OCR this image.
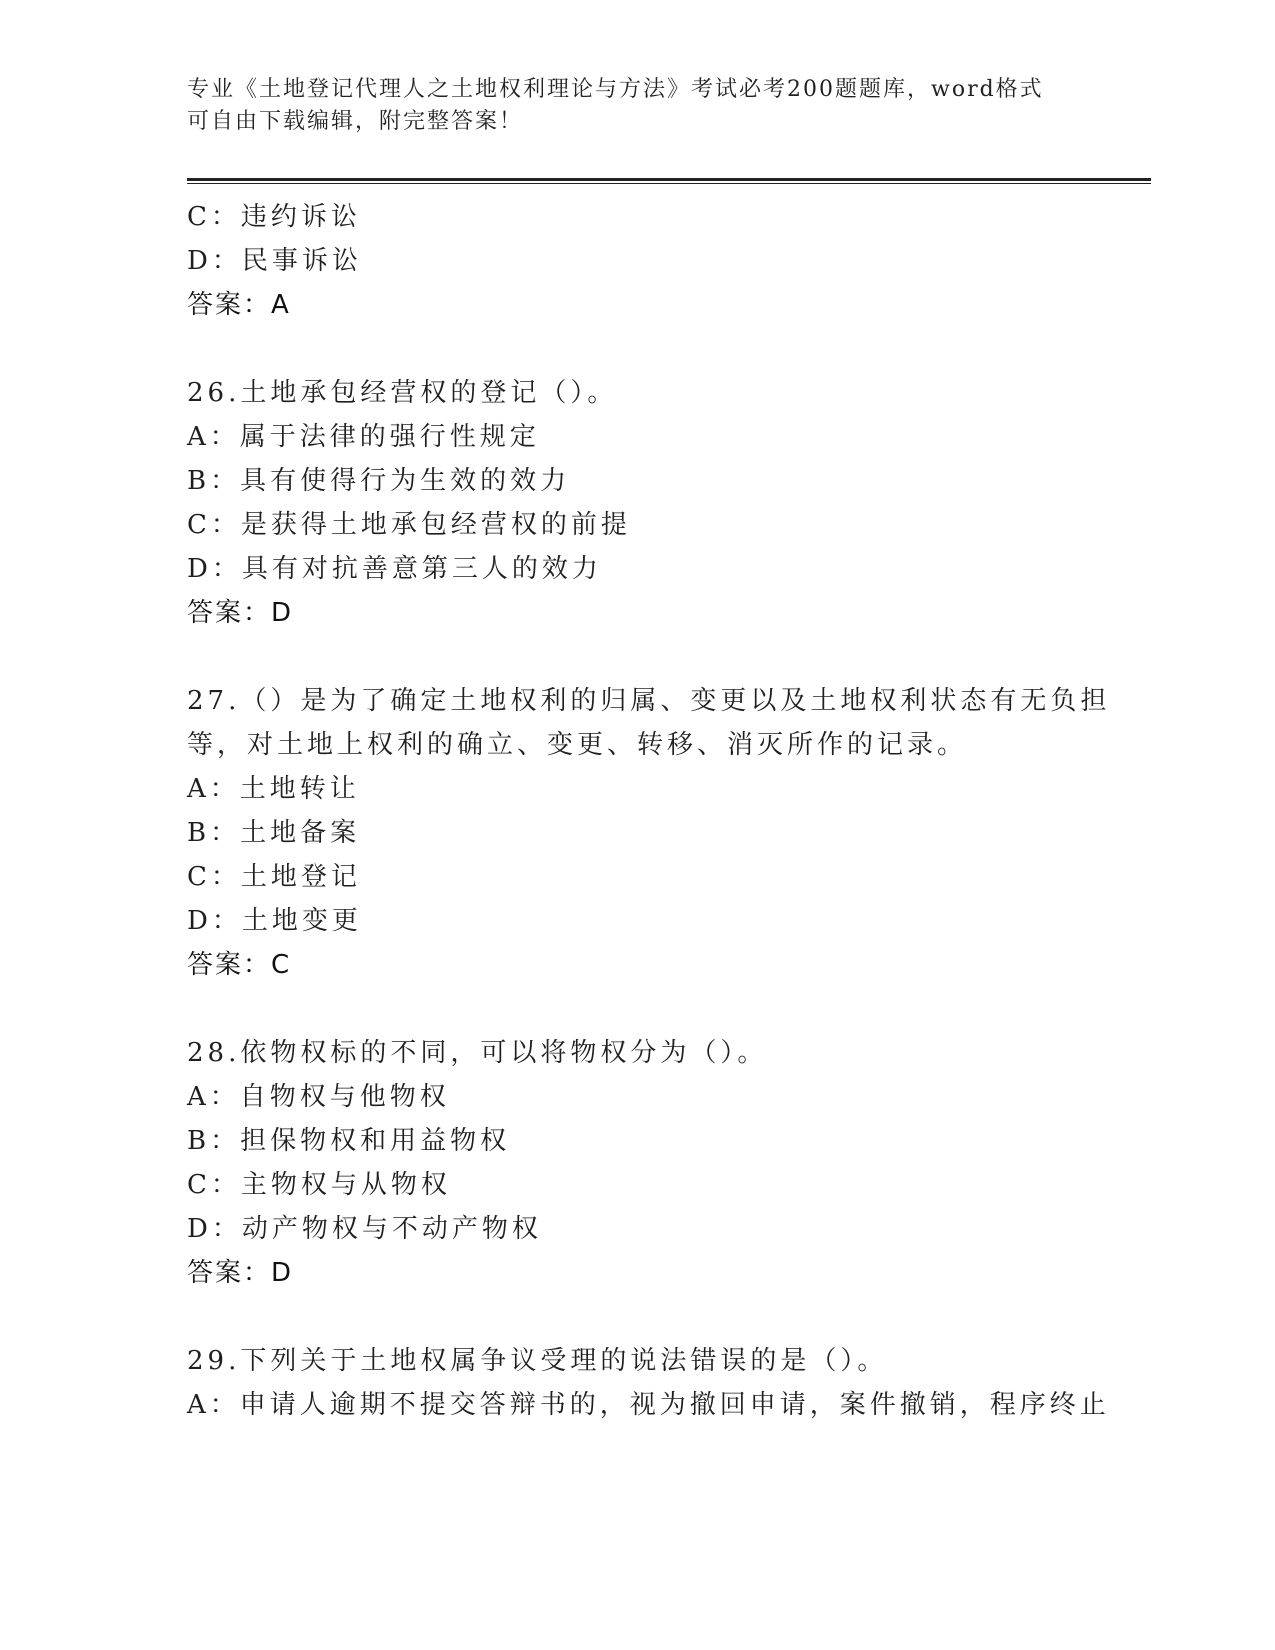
专业《土地登记代理人之土地权利理论与方法》考试必考200题题库，word格式
可自由下载编辑，附完整答案！
C：违约诉讼
D：民事诉讼
答案：A
26.土地承包经营权的登记（）。
A：属于法律的强行性规定
B：具有使得行为生效的效力
C：是获得土地承包经营权的前提
D：具有对抗善意第三人的效力
答案：D
27.（）是为了确定土地权利的归属、变更以及土地权利状态有无负担
等，对土地上权利的确立、变更、转移、消灭所作的记录。
A：土地转让
B：土地备案
C：土地登记
D：土地变更
答案：C
28.依物权标的不同，可以将物权分为（）。
A：自物权与他物权
B：担保物权和用益物权
C：主物权与从物权
D：动产物权与不动产物权
答案：D
29.下列关于土地权属争议受理的说法错误的是（）。
A：申请人逾期不提交答辩书的，视为撤回申请，案件撤销，程序终止
